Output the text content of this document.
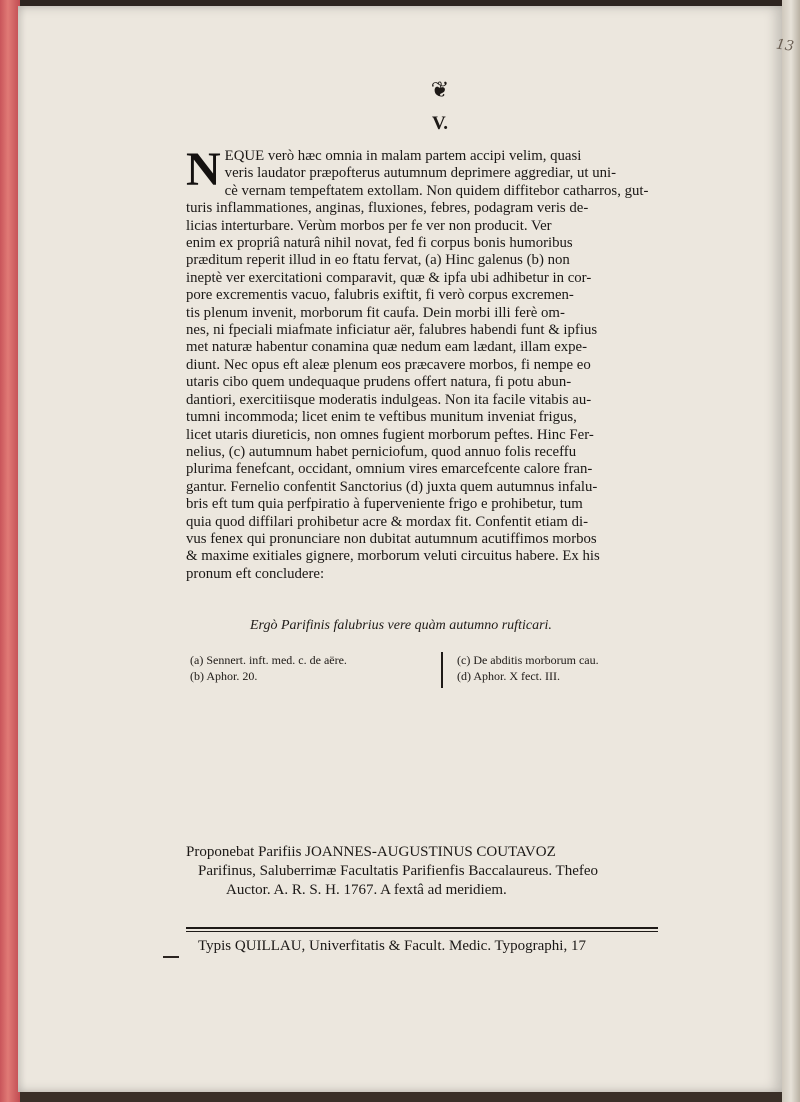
13
❦
V.
N EQUE verò hæc omnia in malam partem accipi velim, quasi
veris laudator præpofterus autumnum deprimere aggrediar, ut uni-
cè vernam tempeftatem extollam. Non quidem diffitebor catharros, gut-
turis inflammationes, anginas, fluxiones, febres, podagram veris de-
licias interturbare. Verùm morbos per fe ver non producit. Ver
enim ex propriâ naturâ nihil novat, fed fi corpus bonis humoribus
præditum reperit illud in eo ftatu fervat, (a) Hinc galenus (b) non
ineptè ver exercitationi comparavit, quæ & ipfa ubi adhibetur in cor-
pore excrementis vacuo, falubris exiftit, fi verò corpus excremen-
tis plenum invenit, morborum fit caufa. Dein morbi illi ferè om-
nes, ni fpeciali miafmate inficiatur aër, falubres habendi funt & ipfius
met naturæ habentur conamina quæ nedum eam lædant, illam expe-
diunt. Nec opus eft aleæ plenum eos præcavere morbos, fi nempe eo
utaris cibo quem undequaque prudens offert natura, fi potu abun-
dantiori, exercitiisque moderatis indulgeas. Non ita facile vitabis au-
tumni incommoda; licet enim te veftibus munitum inveniat frigus,
licet utaris diureticis, non omnes fugient morborum peftes. Hinc Fer-
nelius, (c) autumnum habet perniciofum, quod annuo folis receffu
plurima fenefcant, occidant, omnium vires emarcefcente calore fran-
gantur. Fernelio confentit Sanctorius (d) juxta quem autumnus infalu-
bris eft tum quia perfpiratio à fuperveniente frigo e prohibetur, tum
quia quod diffilari prohibetur acre & mordax fit. Confentit etiam di-
vus fenex qui pronunciare non dubitat autumnum acutiffimos morbos
& maxime exitiales gignere, morborum veluti circuitus habere. Ex his
pronum eft concludere:
Ergò Parifinis falubrius vere quàm autumno rufticari.
(a) Sennert. inft. med. c. de aëre.
(b) Aphor. 20.
(c) De abditis morborum cau.
(d) Aphor. X fect. III.
Proponebat Parifiis JOANNES-AUGUSTINUS COUTAVOZ
Parifinus, Saluberrimæ Facultatis Parifienfis Baccalaureus. Thefeo
Auctor. A. R. S. H. 1767. A fextâ ad meridiem.
Typis QUILLAU, Univerfitatis & Facult. Medic. Typographi, 17
